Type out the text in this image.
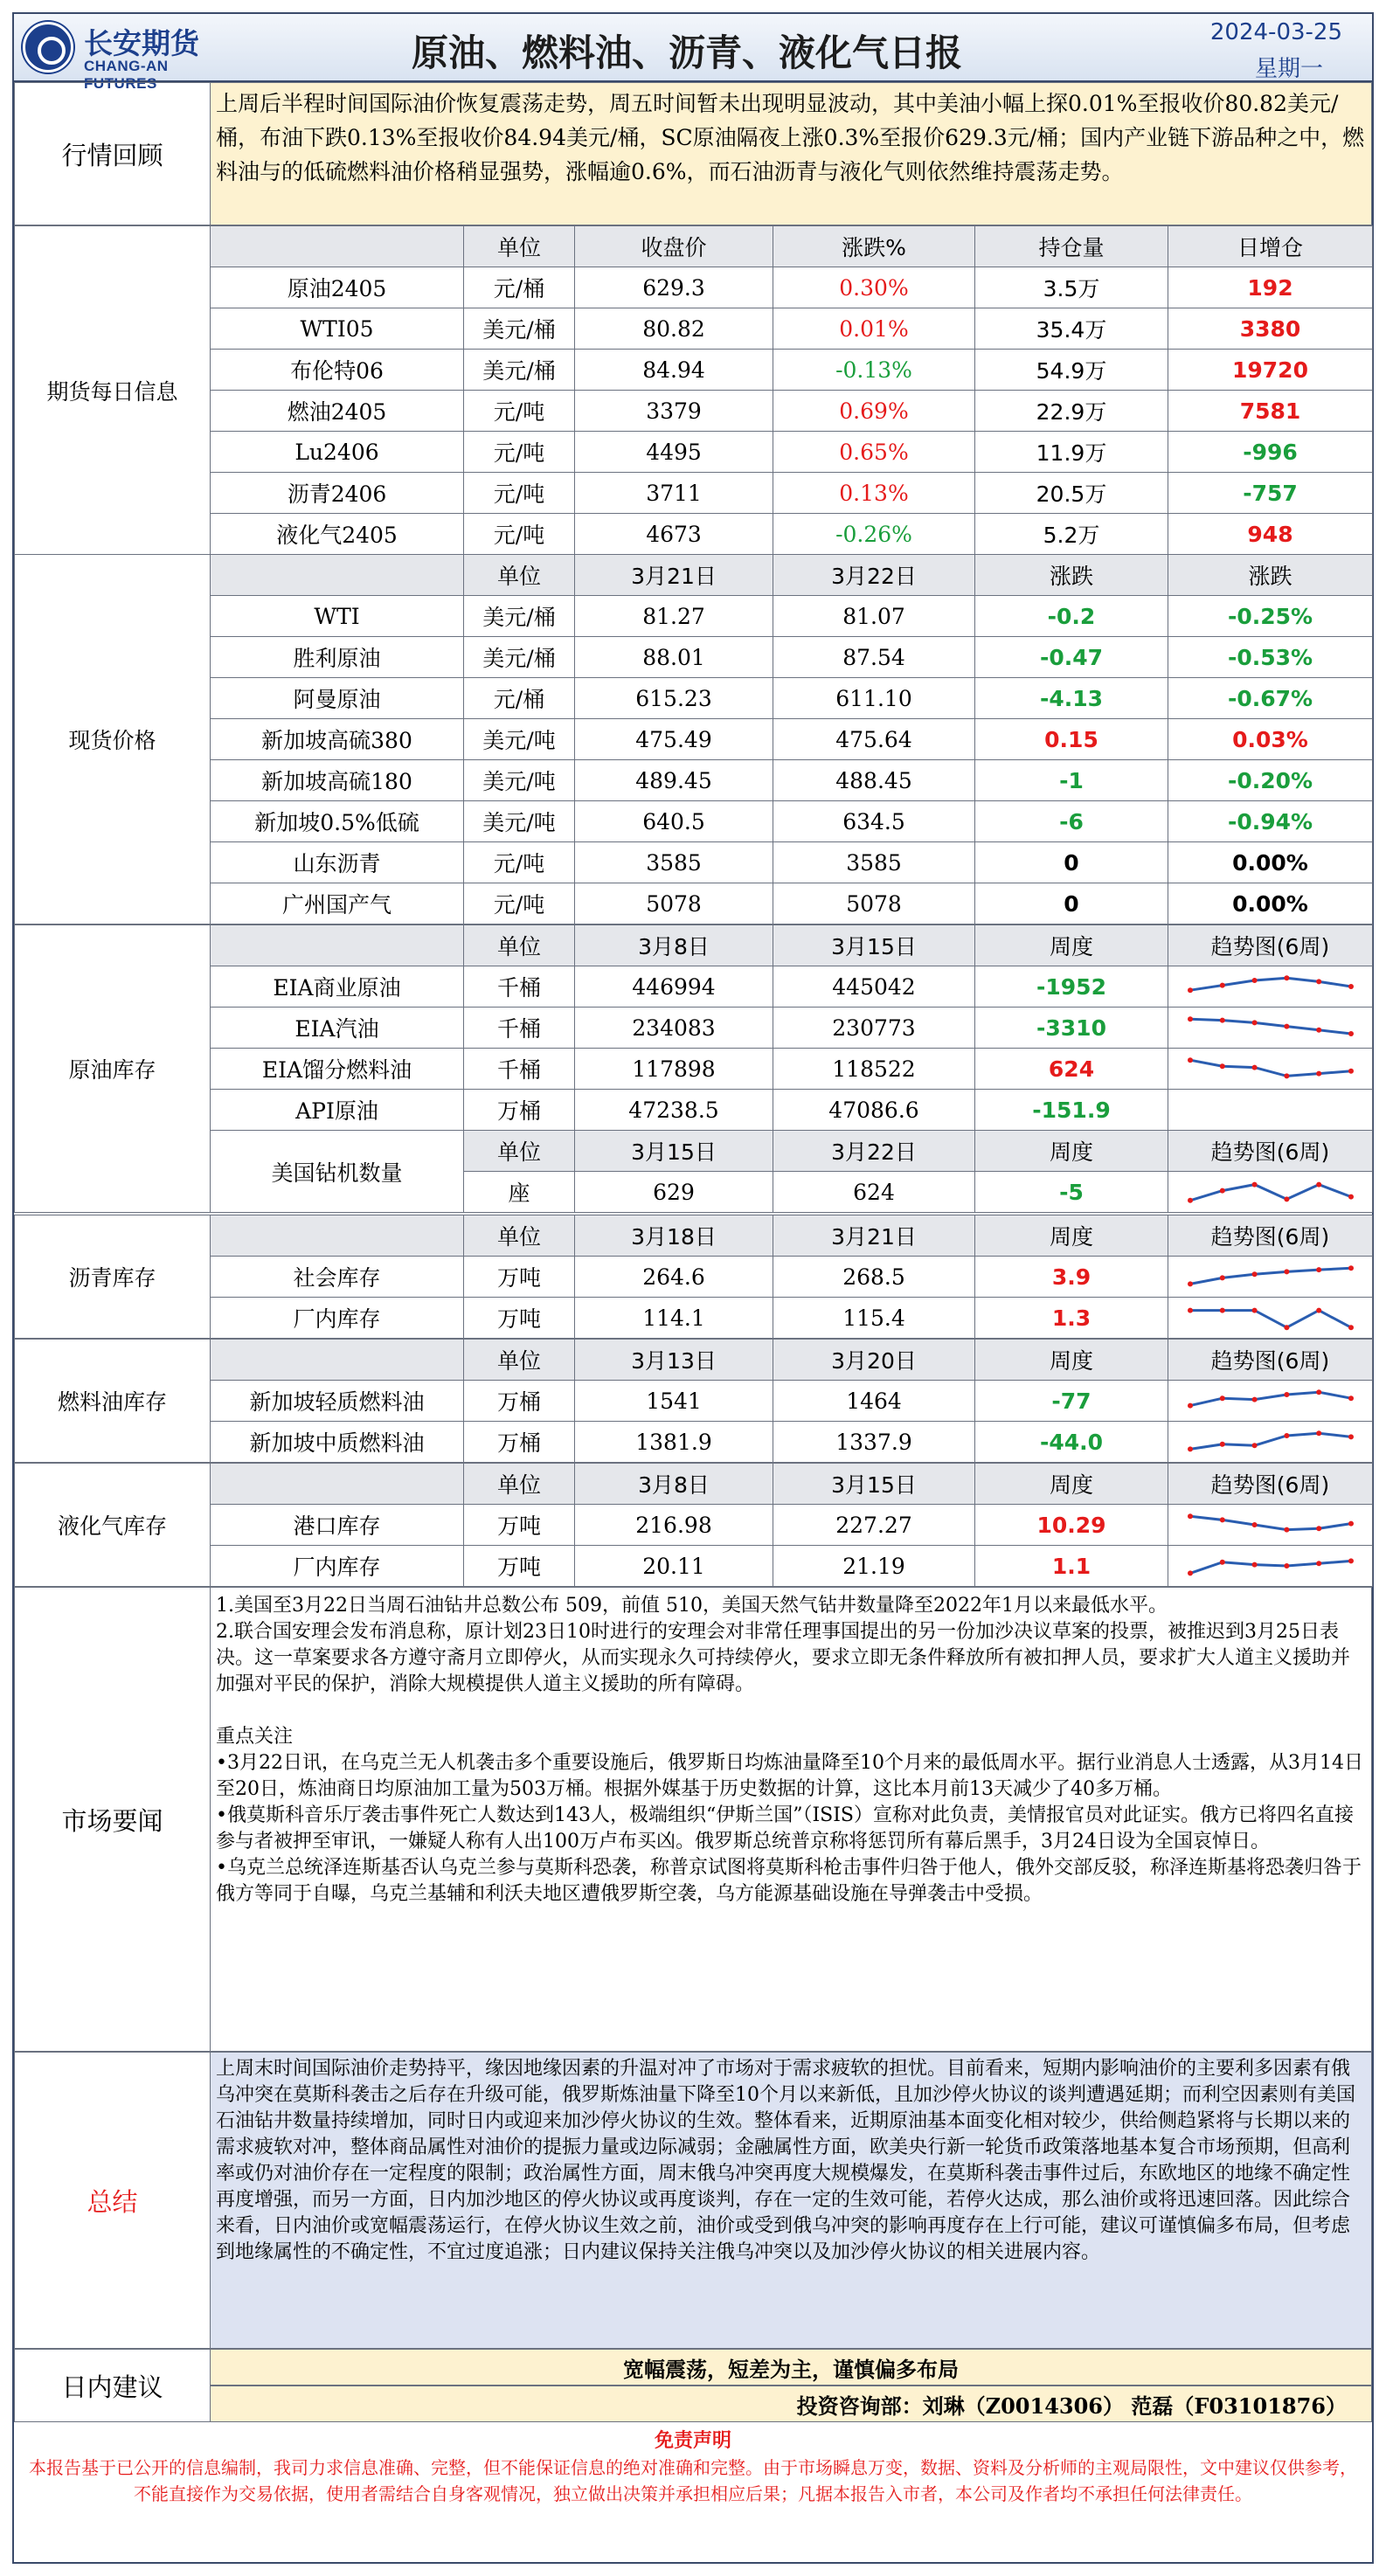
长安期货
CHANG-AN FUTURES
原油、燃料油、沥青、液化气日报	2024-03-25
星期一
行情回顾
上周后半程时间国际油价恢复震荡走势，周五时间暂未出现明显波动，其中美油小幅上探0.01%至报收价80.82美元/桶，布油下跌0.13%至报收价84.94美元/桶，SC原油隔夜上涨0.3%至报价629.3元/桶；国内产业链下游品种之中，燃料油与的低硫燃料油价格稍显强势，涨幅逾0.6%，而石油沥青与液化气则依然维持震荡走势。
期货每日信息		单位	收盘价	涨跌%	持仓量	日增仓
	原油2405	元/桶	629.3	0.30%	3.5万	192
	WTI05	美元/桶	80.82	0.01%	35.4万	3380
	布伦特06	美元/桶	84.94	-0.13%	54.9万	19720
	燃油2405	元/吨	3379	0.69%	22.9万	7581
	Lu2406	元/吨	4495	0.65%	11.9万	-996
	沥青2406	元/吨	3711	0.13%	20.5万	-757
	液化气2405	元/吨	4673	-0.26%	5.2万	948
现货价格		单位	3月21日	3月22日	涨跌	涨跌
	WTI	美元/桶	81.27	81.07	-0.2	-0.25%
	胜利原油	美元/桶	88.01	87.54	-0.47	-0.53%
	阿曼原油	元/桶	615.23	611.10	-4.13	-0.67%
	新加坡高硫380	美元/吨	475.49	475.64	0.15	0.03%
	新加坡高硫180	美元/吨	489.45	488.45	-1	-0.20%
	新加坡0.5%低硫	美元/吨	640.5	634.5	-6	-0.94%
	山东沥青	元/吨	3585	3585	0	0.00%
	广州国产气	元/吨	5078	5078	0	0.00%
原油库存		单位	3月8日	3月15日	周度	趋势图(6周)
	EIA商业原油	千桶	446994	445042	-1952	

	EIA汽油	千桶	234083	230773	-3310	

	EIA馏分燃料油	千桶	117898	118522	624	

	API原油	万桶	47238.5	47086.6	-151.9	

	美国钻机数量	单位	3月15日	3月22日	周度	趋势图(6周)
		座	629	624	-5	
沥青库存		单位	3月18日	3月21日	周度	趋势图(6周)
	社会库存	万吨	264.6	268.5	3.9	

	厂内库存	万吨	114.1	115.4	1.3	
燃料油库存		单位	3月13日	3月20日	周度	趋势图(6周)
	新加坡轻质燃料油	万桶	1541	1464	-77	

	新加坡中质燃料油	万桶	1381.9	1337.9	-44.0	
液化气库存		单位	3月8日	3月15日	周度	趋势图(6周)
	港口库存	万吨	216.98	227.27	10.29	

	厂内库存	万吨	20.11	21.19	1.1	
市场要闻
1.美国至3月22日当周石油钻井总数公布 509，前值 510，美国天然气钻井数量降至2022年1月以来最低水平。
2.联合国安理会发布消息称，原计划23日10时进行的安理会对非常任理事国提出的另一份加沙决议草案的投票，被推迟到3月25日表决。这一草案要求各方遵守斋月立即停火，从而实现永久可持续停火，要求立即无条件释放所有被扣押人员，要求扩大人道主义援助并加强对平民的保护，消除大规模提供人道主义援助的所有障碍。
重点关注
•3月22日讯，在乌克兰无人机袭击多个重要设施后，俄罗斯日均炼油量降至10个月来的最低周水平。据行业消息人士透露，从3月14日至20日，炼油商日均原油加工量为503万桶。根据外媒基于历史数据的计算，这比本月前13天减少了40多万桶。
•俄莫斯科音乐厅袭击事件死亡人数达到143人，极端组织“伊斯兰国”（ISIS）宣称对此负责，美情报官员对此证实。俄方已将四名直接参与者被押至审讯，一嫌疑人称有人出100万卢布买凶。俄罗斯总统普京称将惩罚所有幕后黑手，3月24日设为全国哀悼日。
•乌克兰总统泽连斯基否认乌克兰参与莫斯科恐袭，称普京试图将莫斯科枪击事件归咎于他人，俄外交部反驳，称泽连斯基将恐袭归咎于俄方等同于自曝，乌克兰基辅和利沃夫地区遭俄罗斯空袭，乌方能源基础设施在导弹袭击中受损。
总结
上周末时间国际油价走势持平，缘因地缘因素的升温对冲了市场对于需求疲软的担忧。目前看来，短期内影响油价的主要利多因素有俄乌冲突在莫斯科袭击之后存在升级可能，俄罗斯炼油量下降至10个月以来新低，且加沙停火协议的谈判遭遇延期；而利空因素则有美国石油钻井数量持续增加，同时日内或迎来加沙停火协议的生效。整体看来，近期原油基本面变化相对较少，供给侧趋紧将与长期以来的需求疲软对冲，整体商品属性对油价的提振力量或边际减弱；金融属性方面，欧美央行新一轮货币政策落地基本复合市场预期，但高利率或仍对油价存在一定程度的限制；政治属性方面，周末俄乌冲突再度大规模爆发，在莫斯科袭击事件过后，东欧地区的地缘不确定性再度增强，而另一方面，日内加沙地区的停火协议或再度谈判，存在一定的生效可能，若停火达成，那么油价或将迅速回落。因此综合来看，日内油价或宽幅震荡运行，在停火协议生效之前，油价或受到俄乌冲突的影响再度存在上行可能，建议可谨慎偏多布局，但考虑到地缘属性的不确定性，不宜过度追涨；日内建议保持关注俄乌冲突以及加沙停火协议的相关进展内容。
日内建议
宽幅震荡，短差为主，谨慎偏多布局
投资咨询部：刘琳（Z0014306） 范磊（F03101876）
免责声明
本报告基于已公开的信息编制，我司力求信息准确、完整，但不能保证信息的绝对准确和完整。由于市场瞬息万变，数据、资料及分析师的主观局限性，文中建议仅供参考，不能直接作为交易依据，使用者需结合自身客观情况，独立做出决策并承担相应后果；凡据本报告入市者，本公司及作者均不承担任何法律责任。
